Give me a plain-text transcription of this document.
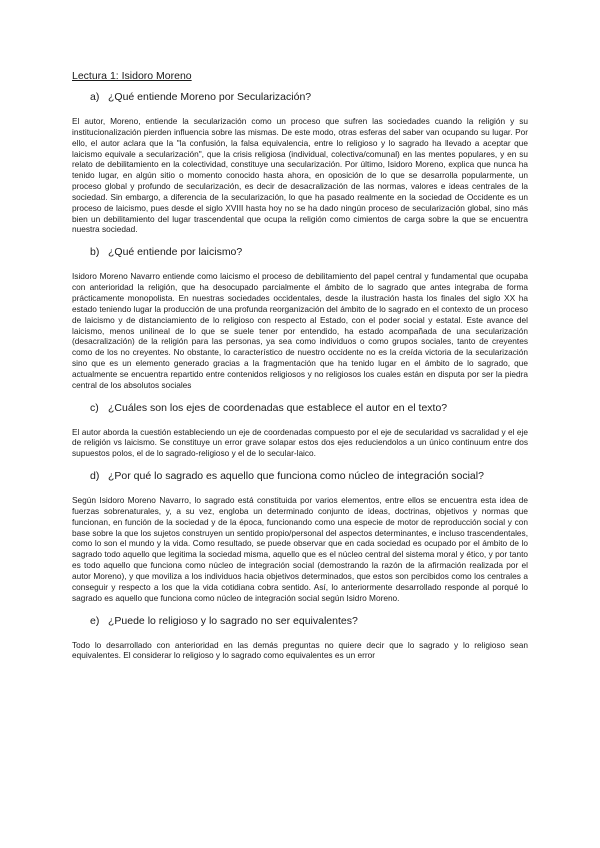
Lectura 1: Isidoro Moreno
a) ¿Qué entiende Moreno por Secularización?

El autor, Moreno, entiende la secularización como un proceso que sufren las sociedades cuando la religión y su institucionalización pierden influencia sobre las mismas. De este modo, otras esferas del saber van ocupando su lugar. Por ello, el autor aclara que la "la confusión, la falsa equivalencia, entre lo religioso y lo sagrado ha llevado a aceptar que laicismo equivale a secularización", que la crisis religiosa (individual, colectiva/comunal) en las mentes populares, y en su relato de debilitamiento en la colectividad, constituye una secularización. Por último, Isidoro Moreno, explica que nunca ha tenido lugar, en algún sitio o momento conocido hasta ahora, en oposición de lo que se desarrolla popularmente, un proceso global y profundo de secularización, es decir de desacralización de las normas, valores e ideas centrales de la sociedad. Sin embargo, a diferencia de la secularización, lo que ha pasado realmente en la sociedad de Occidente es un proceso de laicismo, pues desde el siglo XVIII hasta hoy no se ha dado ningún proceso de secularización global, sino más bien un debilitamiento del lugar trascendental que ocupa la religión como cimientos de carga sobre la que se encuentra nuestra sociedad.

b) ¿Qué entiende por laicismo?

Isidoro Moreno Navarro entiende como laicismo el proceso de debilitamiento del papel central y fundamental que ocupaba con anterioridad la religión, que ha desocupado parcialmente el ámbito de lo sagrado que antes integraba de forma prácticamente monopolista. En nuestras sociedades occidentales, desde la ilustración hasta los finales del siglo XX ha estado teniendo lugar la producción de una profunda reorganización del ámbito de lo sagrado en el contexto de un proceso de laicismo y de distanciamiento de lo religioso con respecto al Estado, con el poder social y estatal. Este avance del laicismo, menos unilineal de lo que se suele tener por entendido, ha estado acompañada de una secularización (desacralización) de la religión para las personas, ya sea como individuos o como grupos sociales, tanto de creyentes como de los no creyentes. No obstante, lo característico de nuestro occidente no es la creída victoria de la secularización sino que es un elemento generado gracias a la fragmentación que ha tenido lugar en el ámbito de lo sagrado, que actualmente se encuentra repartido entre contenidos religiosos y no religiosos los cuales están en disputa por ser la piedra central de los absolutos sociales

c) ¿Cuáles son los ejes de coordenadas que establece el autor en el texto?

El autor aborda la cuestión estableciendo un eje de coordenadas compuesto por el eje de secularidad vs sacralidad y el eje de religión vs laicismo. Se constituye un error grave solapar estos dos ejes reduciendolos a un único continuum entre dos supuestos polos, el de lo sagrado-religioso y el de lo secular-laico.

d) ¿Por qué lo sagrado es aquello que funciona como núcleo de integración social?

Según Isidoro Moreno Navarro, lo sagrado está constituida por varios elementos, entre ellos se encuentra esta idea de fuerzas sobrenaturales, y, a su vez, engloba un determinado conjunto de ideas, doctrinas, objetivos y normas que funcionan, en función de la sociedad y de la época, funcionando como una especie de motor de reproducción social y con base sobre la que los sujetos construyen un sentido propio/personal del aspectos determinantes, e incluso trascendentales, como lo son el mundo y la vida. Como resultado, se puede observar que en cada sociedad es ocupado por el ámbito de lo sagrado todo aquello que legitima la sociedad misma, aquello que es el núcleo central del sistema moral y ético, y por tanto es todo aquello que funciona como núcleo de integración social (demostrando la razón de la afirmación realizada por el autor Moreno), y que moviliza a los individuos hacia objetivos determinados, que estos son percibidos como los centrales a conseguir y respecto a los que la vida cotidiana cobra sentido. Así, lo anteriormente desarrollado responde al porqué lo sagrado es aquello que funciona como núcleo de integración social según Isidro Moreno.

e) ¿Puede lo religioso y lo sagrado no ser equivalentes?

Todo lo desarrollado con anterioridad en las demás preguntas no quiere decir que lo sagrado y lo religioso sean equivalentes. El considerar lo religioso y lo sagrado como equivalentes es un error
